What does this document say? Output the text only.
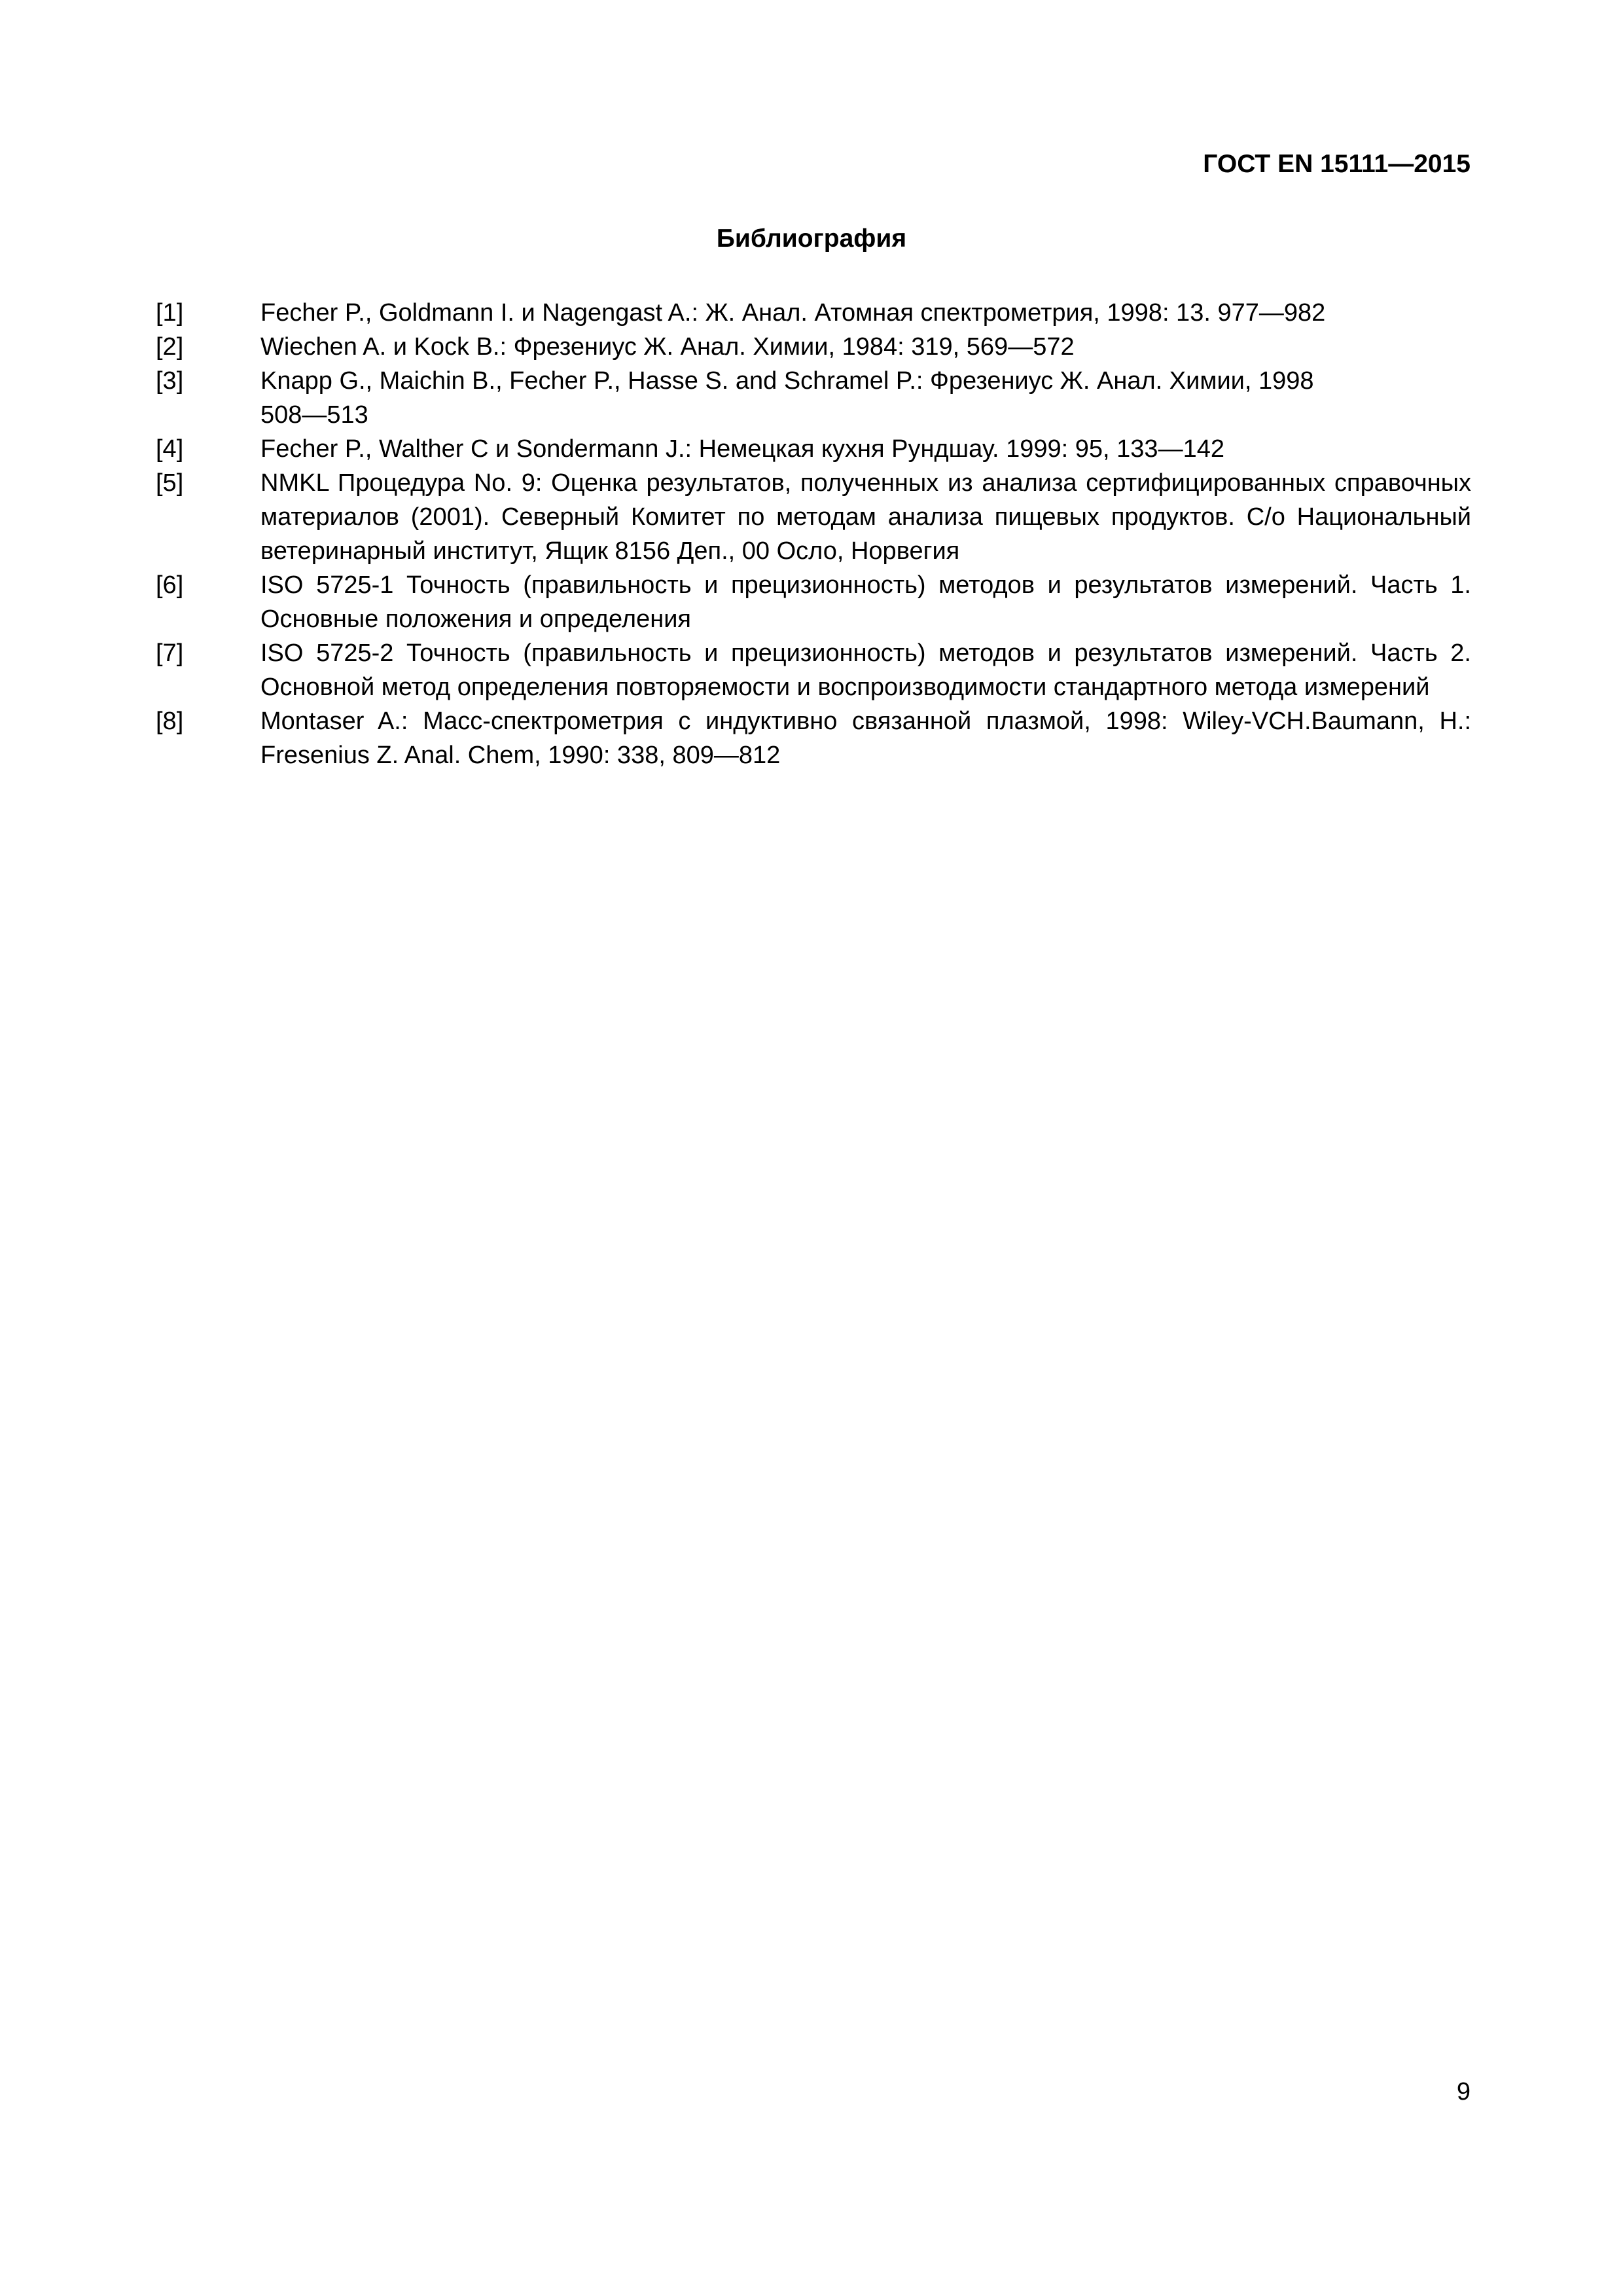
ГОСТ EN 15111—2015
Библиография
[1]	Fecher P., Goldmann I. и Nagengast A.: Ж. Анал. Атомная спектрометрия, 1998: 13. 977—982
[2]	Wiechen A. и Kock B.: Фрезениус Ж. Анал. Химии, 1984: 319, 569—572
[3]	Knapp G., Maichin B., Fecher P., Hasse S. and Schramel P.: Фрезениус Ж. Анал. Химии, 1998
508—513
[4]	Fecher P., Walther C и Sondermann J.: Немецкая кухня Рундшау. 1999: 95, 133—142
[5]	NMKL Процедура No. 9: Оценка результатов, полученных из анализа сертифицированных справочных материалов (2001). Северный Комитет по методам анализа пищевых продуктов. С/о Национальный ветеринарный институт, Ящик 8156 Деп., 00 Осло, Норвегия
[6]	ISO 5725-1 Точность (правильность и прецизионность) методов и результатов измерений. Часть 1. Основные положения и определения
[7]	ISO 5725-2 Точность (правильность и прецизионность) методов и результатов измерений. Часть 2. Основной метод определения повторяемости и воспроизводимости стандартного метода измерений
[8]	Montaser A.: Масс-спектрометрия с индуктивно связанной плазмой, 1998: Wiley-VCH.Baumann, H.: Fresenius Z. Anal. Chem, 1990: 338, 809—812
9
